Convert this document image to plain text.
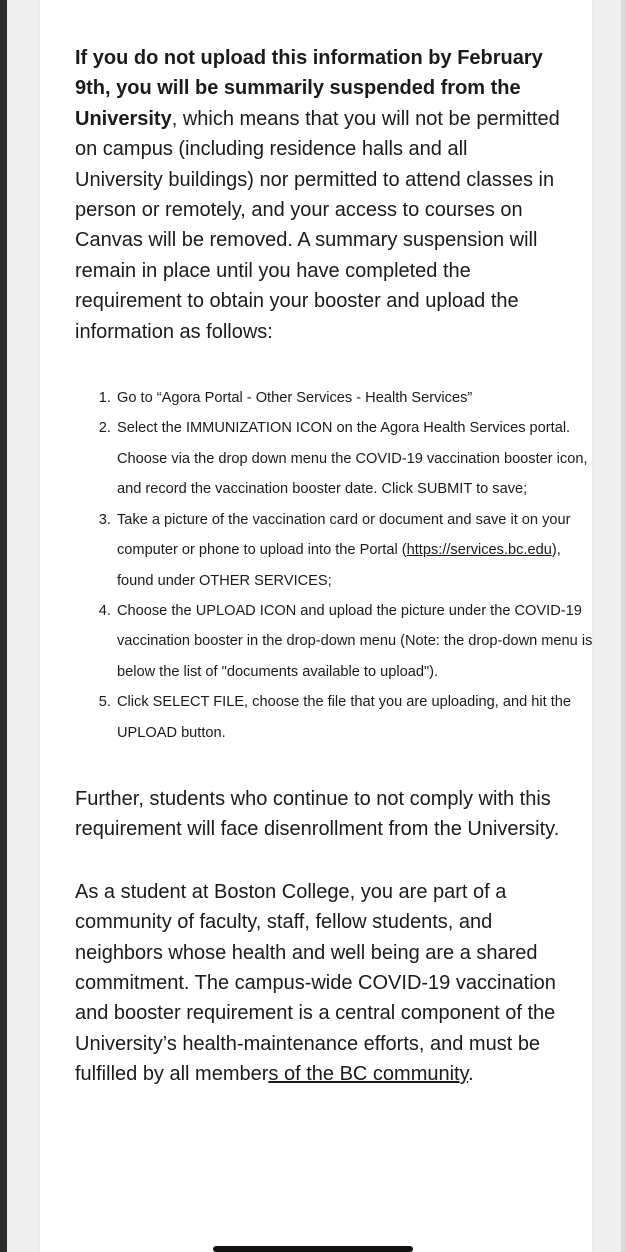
If you do not upload this information by February 9th, you will be summarily suspended from the University, which means that you will not be permitted on campus (including residence halls and all University buildings) nor permitted to attend classes in person or remotely, and your access to courses on Canvas will be removed. A summary suspension will remain in place until you have completed the requirement to obtain your booster and upload the information as follows:

1. Go to “Agora Portal - Other Services - Health Services”
2. Select the IMMUNIZATION ICON on the Agora Health Services portal. Choose via the drop down menu the COVID-19 vaccination booster icon, and record the vaccination booster date. Click SUBMIT to save;
3. Take a picture of the vaccination card or document and save it on your computer or phone to upload into the Portal (https://services.bc.edu), found under OTHER SERVICES;
4. Choose the UPLOAD ICON and upload the picture under the COVID-19 vaccination booster in the drop-down menu (Note: the drop-down menu is below the list of "documents available to upload").
5. Click SELECT FILE, choose the file that you are uploading, and hit the UPLOAD button.

Further, students who continue to not comply with this requirement will face disenrollment from the University.

As a student at Boston College, you are part of a community of faculty, staff, fellow students, and neighbors whose health and well being are a shared commitment. The campus-wide COVID-19 vaccination and booster requirement is a central component of the University’s health-maintenance efforts, and must be fulfilled by all members of the BC community.
